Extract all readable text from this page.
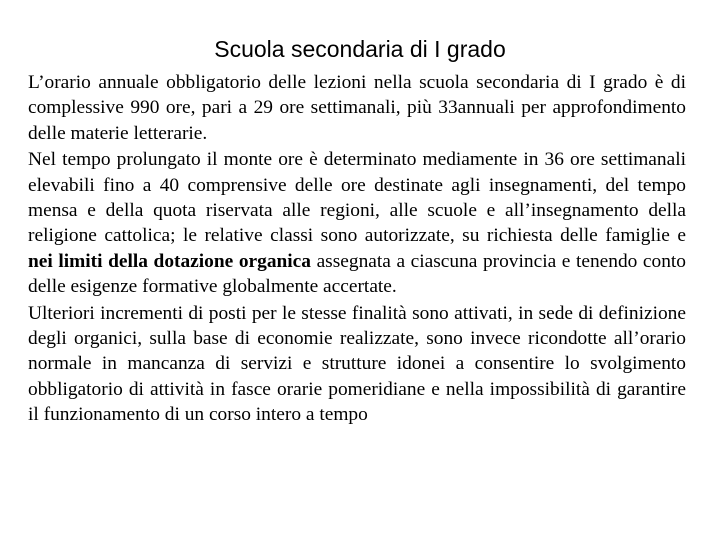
Scuola secondaria di I grado

L’orario annuale obbligatorio delle lezioni nella scuola secondaria di I grado è di complessive 990 ore, pari a 29 ore settimanali, più 33annuali per approfondimento delle materie letterarie.

Nel tempo prolungato il monte ore è determinato mediamente in 36 ore settimanali elevabili fino a 40 comprensive delle ore destinate agli insegnamenti, del tempo mensa e della quota riservata alle regioni, alle scuole e all’insegnamento della religione cattolica; le relative classi sono autorizzate, su richiesta delle famiglie e nei limiti della dotazione organica assegnata a ciascuna provincia e tenendo conto delle esigenze formative globalmente accertate.

Ulteriori incrementi di posti per le stesse finalità sono attivati, in sede di definizione degli organici, sulla base di economie realizzate, sono invece ricondotte all’orario normale in mancanza di servizi e strutture idonei a consentire lo svolgimento obbligatorio di attività in fasce orarie pomeridiane e nella impossibilità di garantire il funzionamento di un corso intero a tempo
